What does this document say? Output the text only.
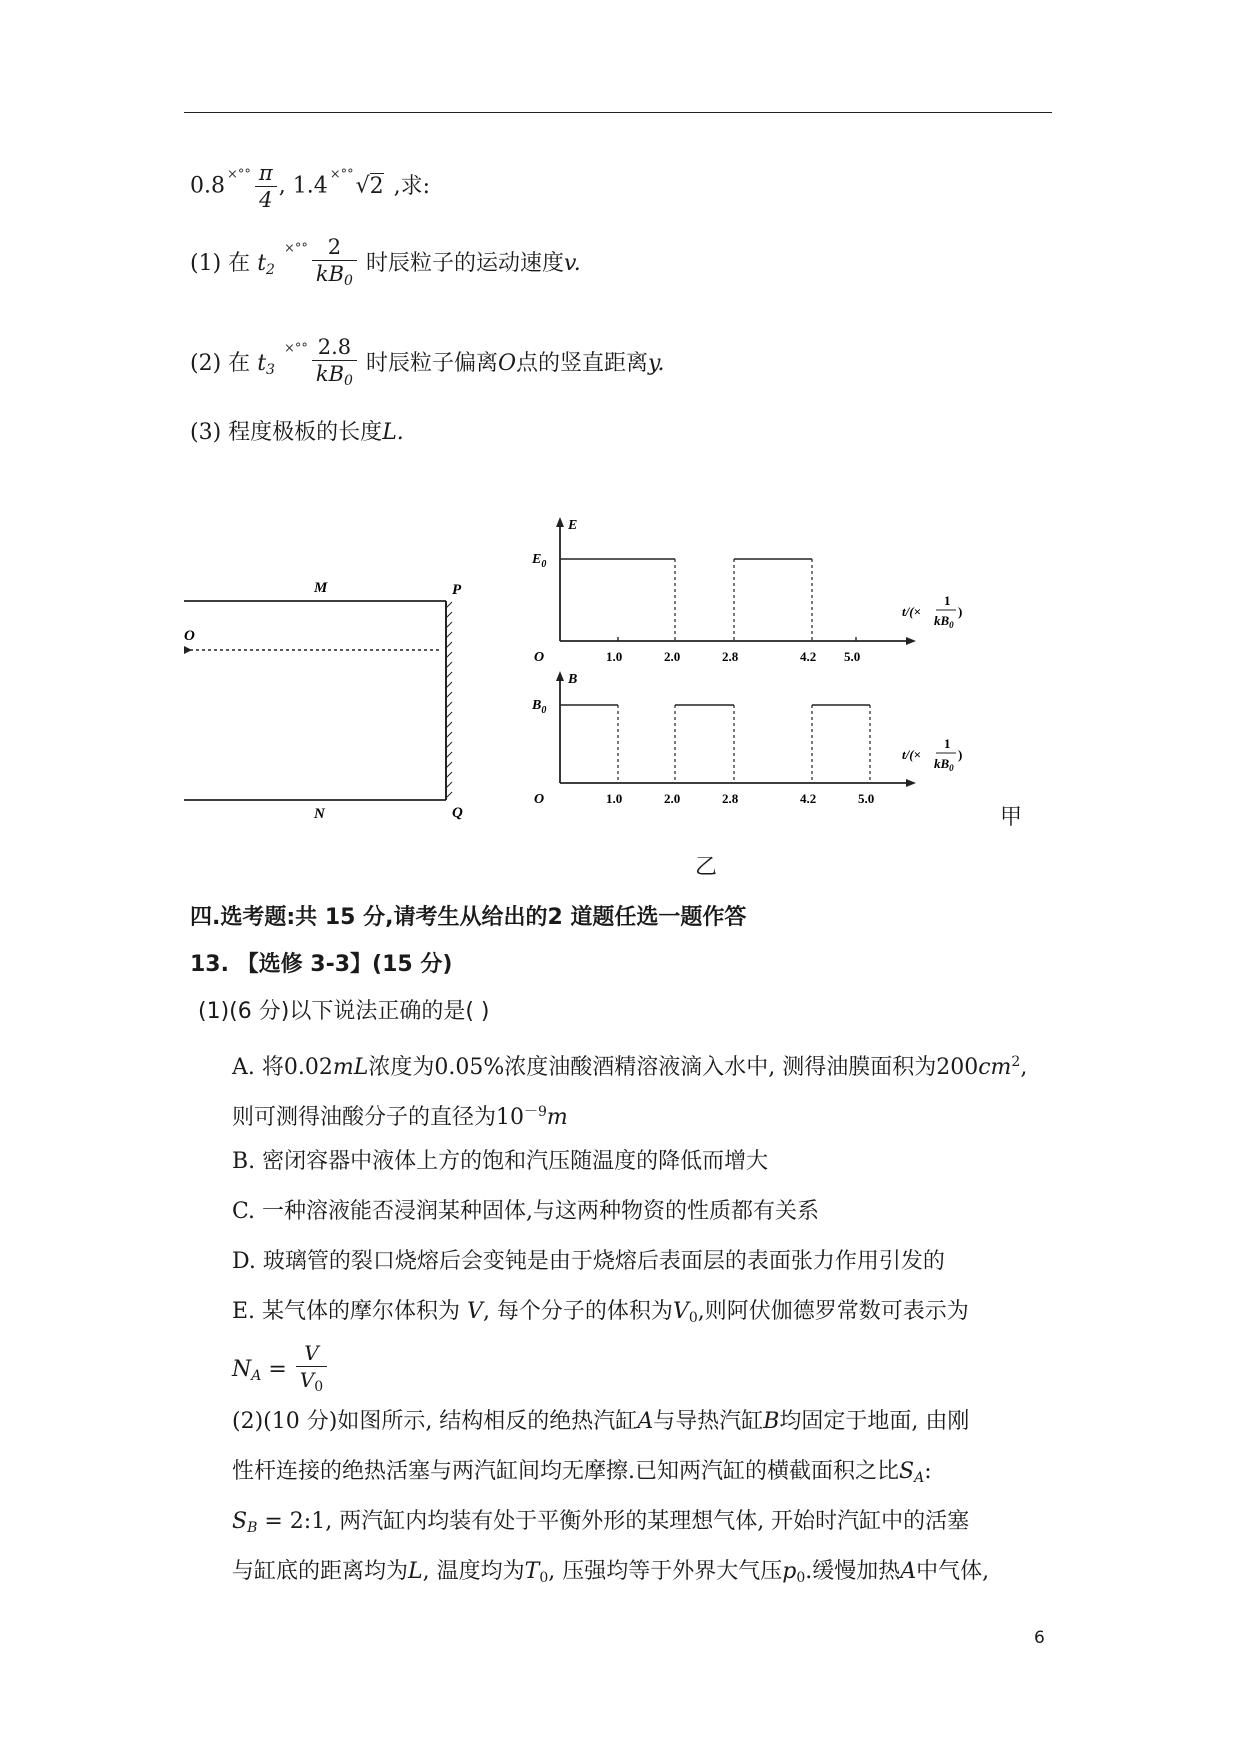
0.8 $^{\times^\circ^\circ} \frac{\pi}{4}$ , 1.4 ×°°√2 ,求:
(1) 在 $t_2$ $^{\times^\circ^\circ} \frac{2}{kB_0}$ 时辰粒子的运动速度v.
(2) 在 $t_3$ $^{\times^\circ^\circ} \frac{2.8}{kB_0}$ 时辰粒子偏离O点的竖直距离y.
(3) 程度极板的长度L.
M
N
O
P
Q
E
$E_0$
O	1.0	2.0	2.8	4.2 5.0
t/(×
1
$kB_0$
)
B
$B_0$
O	1.0	2.0	2.8	4.2	5.0
t/(×
1
$kB_0$
)
甲
乙
四.选考题:共 15 分,请考生从给出的2 道题任选一题作答
13. 【选修 3-3】(15 分)
(1)(6 分)以下说法正确的是( )
A. 将0.02mL浓度为0.05%浓度油酸酒精溶液滴入水中, 测得油膜面积为$200cm^2$,
则可测得油酸分子的直径为$10^{-9}m$
B. 密闭容器中液体上方的饱和汽压随温度的降低而增大
C. 一种溶液能否浸润某种固体,与这两种物资的性质都有关系
D. 玻璃管的裂口烧熔后会变钝是由于烧熔后表面层的表面张力作用引发的
E. 某气体的摩尔体积为 V, 每个分子的体积为$V_0$,则阿伏伽德罗常数可表示为
$N_A = \frac{V}{V_0}$
(2)(10 分)如图所示, 结构相反的绝热汽缸A与导热汽缸B均固定于地面, 由刚
性杆连接的绝热活塞与两汽缸间均无摩擦.已知两汽缸的横截面积之比$S_A$:
$S_B$ = 2:1, 两汽缸内均装有处于平衡外形的某理想气体, 开始时汽缸中的活塞
与缸底的距离均为L, 温度均为$T_0$, 压强均等于外界大气压$p_0$.缓慢加热A中气体,
6
